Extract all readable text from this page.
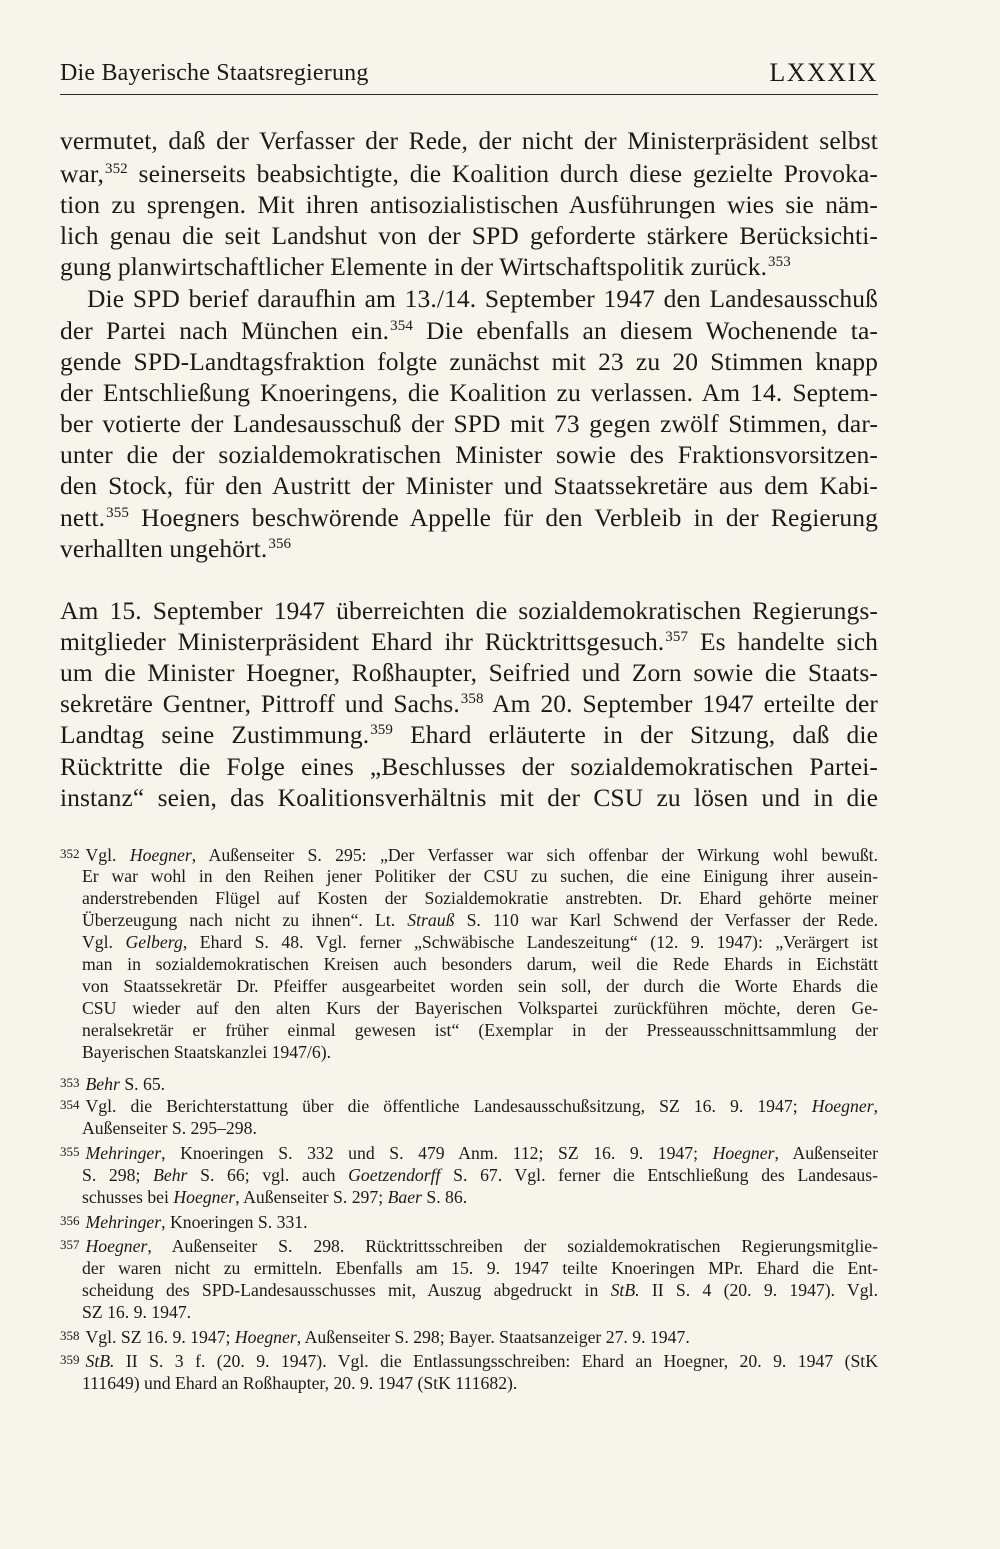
Die Bayerische Staatsregierung	LXXXIX

vermutet, daß der Verfasser der Rede, der nicht der Ministerpräsident selbst

war,$^{352}$ seinerseits beabsichtigte, die Koalition durch diese gezielte Provoka-

tion zu sprengen. Mit ihren antisozialistischen Ausführungen wies sie näm-

lich genau die seit Landshut von der SPD geforderte stärkere Berücksichti-

gung planwirtschaftlicher Elemente in der Wirtschaftspolitik zurück.$^{353}$

Die SPD berief daraufhin am 13./14. September 1947 den Landesausschuß

der Partei nach München ein.$^{354}$ Die ebenfalls an diesem Wochenende ta-

gende SPD-Landtagsfraktion folgte zunächst mit 23 zu 20 Stimmen knapp

der Entschließung Knoeringens, die Koalition zu verlassen. Am 14. Septem-

ber votierte der Landesausschuß der SPD mit 73 gegen zwölf Stimmen, dar-

unter die der sozialdemokratischen Minister sowie des Fraktionsvorsitzen-

den Stock, für den Austritt der Minister und Staatssekretäre aus dem Kabi-

nett.$^{355}$ Hoegners beschwörende Appelle für den Verbleib in der Regierung

verhallten ungehört.$^{356}$

Am 15. September 1947 überreichten die sozialdemokratischen Regierungs-

mitglieder Ministerpräsident Ehard ihr Rücktrittsgesuch.$^{357}$ Es handelte sich

um die Minister Hoegner, Roßhaupter, Seifried und Zorn sowie die Staats-

sekretäre Gentner, Pittroff und Sachs.$^{358}$ Am 20. September 1947 erteilte der

Landtag seine Zustimmung.$^{359}$ Ehard erläuterte in der Sitzung, daß die

Rücktritte die Folge eines „Beschlusses der sozialdemokratischen Partei-

instanz“ seien, das Koalitionsverhältnis mit der CSU zu lösen und in die

352 Vgl. Hoegner, Außenseiter S. 295: „Der Verfasser war sich offenbar der Wirkung wohl bewußt.

Er war wohl in den Reihen jener Politiker der CSU zu suchen, die eine Einigung ihrer ausein-

anderstrebenden Flügel auf Kosten der Sozialdemokratie anstrebten. Dr. Ehard gehörte meiner

Überzeugung nach nicht zu ihnen“. Lt. Strauß S. 110 war Karl Schwend der Verfasser der Rede.

Vgl. Gelberg, Ehard S. 48. Vgl. ferner „Schwäbische Landeszeitung“ (12. 9. 1947): „Verärgert ist

man in sozialdemokratischen Kreisen auch besonders darum, weil die Rede Ehards in Eichstätt

von Staatssekretär Dr. Pfeiffer ausgearbeitet worden sein soll, der durch die Worte Ehards die

CSU wieder auf den alten Kurs der Bayerischen Volkspartei zurückführen möchte, deren Ge-

neralsekretär er früher einmal gewesen ist“ (Exemplar in der Presseausschnittsammlung der

Bayerischen Staatskanzlei 1947/6).

353 Behr S. 65.

354 Vgl. die Berichterstattung über die öffentliche Landesausschußsitzung, SZ 16. 9. 1947; Hoegner,

Außenseiter S. 295–298.

355 Mehringer, Knoeringen S. 332 und S. 479 Anm. 112; SZ 16. 9. 1947; Hoegner, Außenseiter

S. 298; Behr S. 66; vgl. auch Goetzendorff S. 67. Vgl. ferner die Entschließung des Landesaus-

schusses bei Hoegner, Außenseiter S. 297; Baer S. 86.

356 Mehringer, Knoeringen S. 331.

357 Hoegner, Außenseiter S. 298. Rücktrittsschreiben der sozialdemokratischen Regierungsmitglie-

der waren nicht zu ermitteln. Ebenfalls am 15. 9. 1947 teilte Knoeringen MPr. Ehard die Ent-

scheidung des SPD-Landesausschusses mit, Auszug abgedruckt in StB. II S. 4 (20. 9. 1947). Vgl.

SZ 16. 9. 1947.

358 Vgl. SZ 16. 9. 1947; Hoegner, Außenseiter S. 298; Bayer. Staatsanzeiger 27. 9. 1947.

359 StB. II S. 3 f. (20. 9. 1947). Vgl. die Entlassungsschreiben: Ehard an Hoegner, 20. 9. 1947 (StK

111649) und Ehard an Roßhaupter, 20. 9. 1947 (StK 111682).
